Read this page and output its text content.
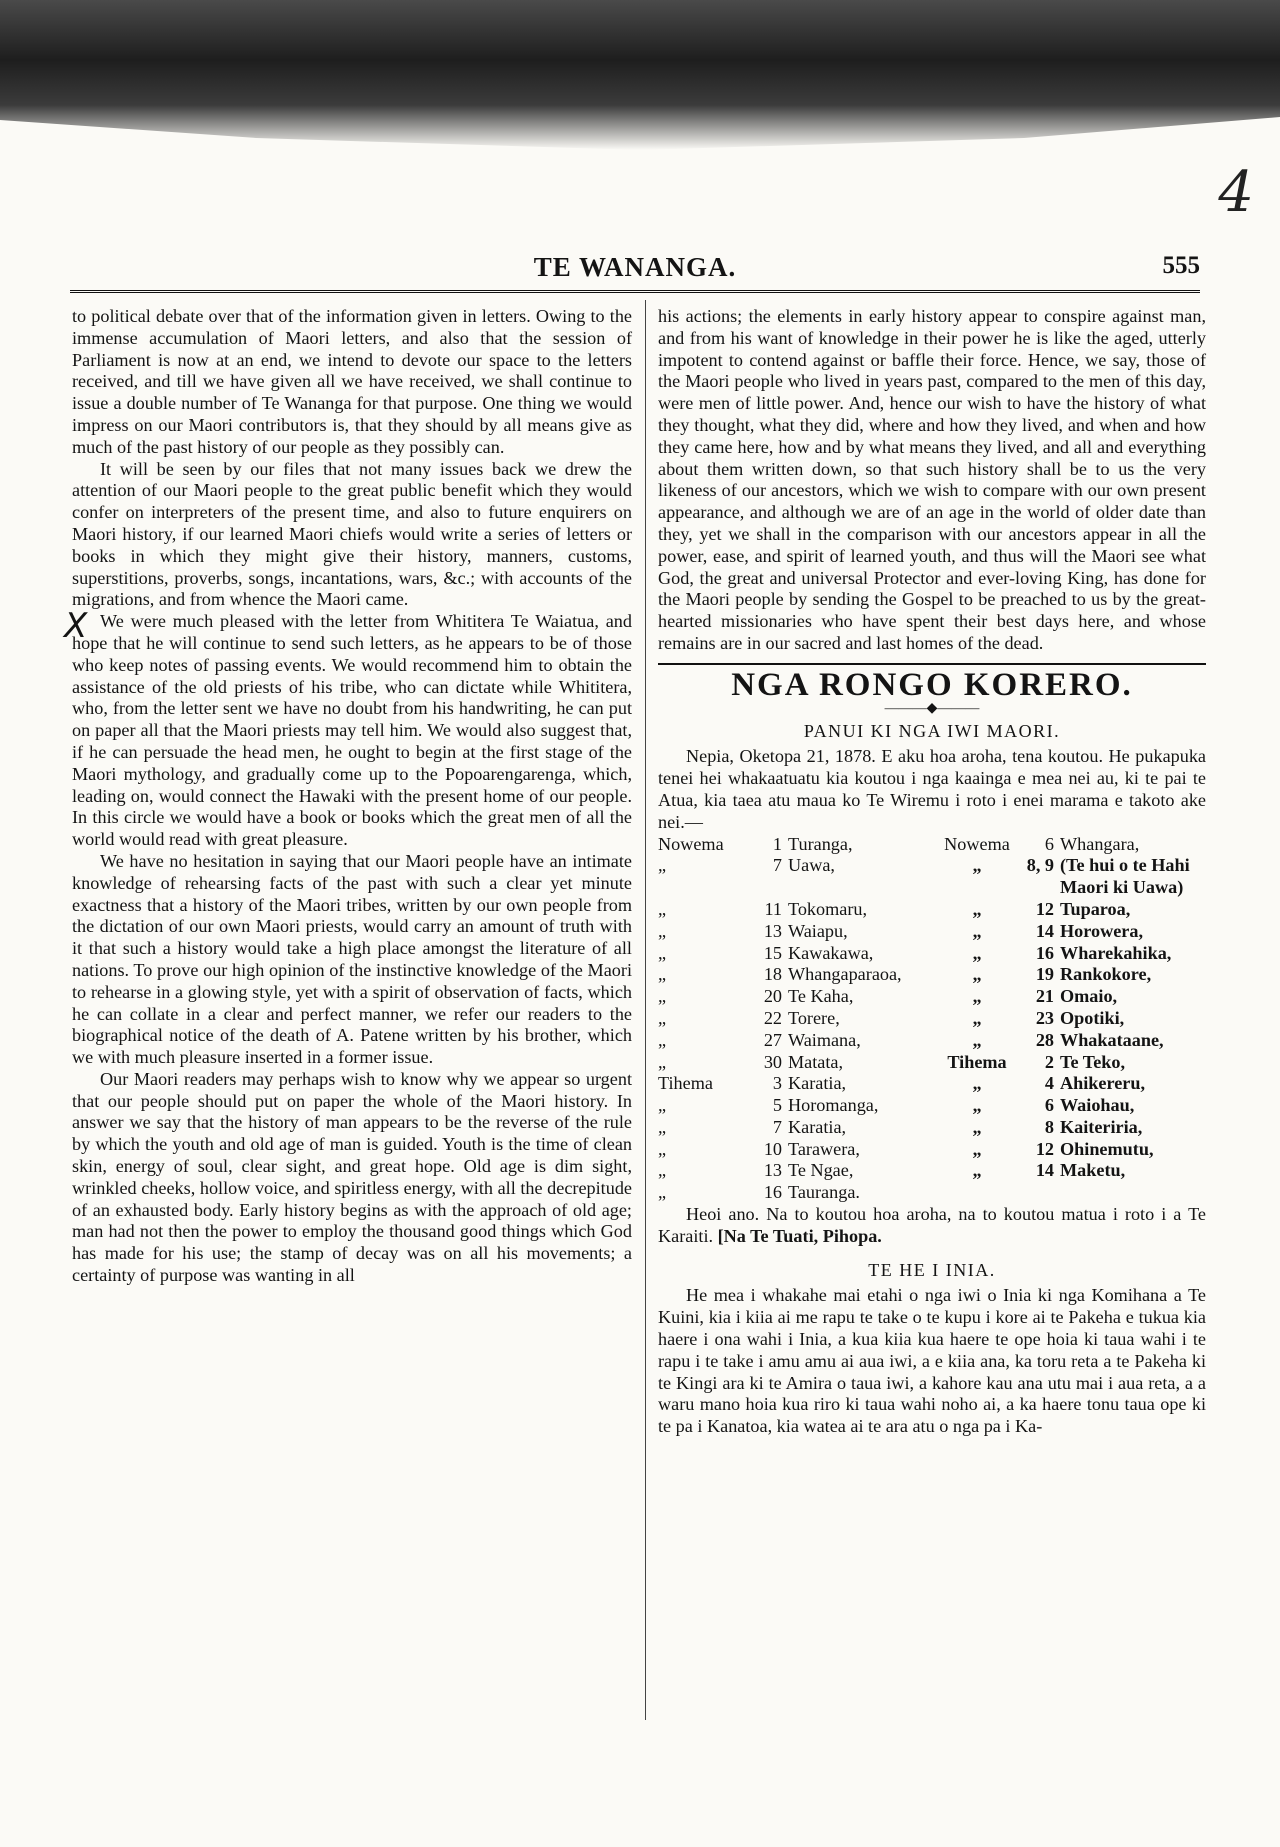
4
TE WANANGA.	555

to political debate over that of the information given in letters. Owing to the immense accumulation of Maori letters, and also that the session of Parliament is now at an end, we intend to devote our space to the letters received, and till we have given all we have received, we shall continue to issue a double number of Te Wananga for that purpose. One thing we would impress on our Maori contributors is, that they should by all means give as much of the past history of our people as they possibly can.

It will be seen by our files that not many issues back we drew the attention of our Maori people to the great public benefit which they would confer on interpreters of the present time, and also to future enquirers on Maori history, if our learned Maori chiefs would write a series of letters or books in which they might give their history, manners, customs, superstitions, proverbs, songs, incantations, wars, &c.; with accounts of the migrations, and from whence the Maori came.

X We were much pleased with the letter from Whititera Te Waiatua, and hope that he will continue to send such letters, as he appears to be of those who keep notes of passing events. We would recommend him to obtain the assistance of the old priests of his tribe, who can dictate while Whititera, who, from the letter sent we have no doubt from his handwriting, he can put on paper all that the Maori priests may tell him. We would also suggest that, if he can persuade the head men, he ought to begin at the first stage of the Maori mythology, and gradually come up to the Popoarengarenga, which, leading on, would connect the Hawaki with the present home of our people. In this circle we would have a book or books which the great men of all the world would read with great pleasure.

We have no hesitation in saying that our Maori people have an intimate knowledge of rehearsing facts of the past with such a clear yet minute exactness that a history of the Maori tribes, written by our own people from the dictation of our own Maori priests, would carry an amount of truth with it that such a history would take a high place amongst the literature of all nations. To prove our high opinion of the instinctive knowledge of the Maori to rehearse in a glowing style, yet with a spirit of observation of facts, which he can collate in a clear and perfect manner, we refer our readers to the biographical notice of the death of A. Patene written by his brother, which we with much pleasure inserted in a former issue.

Our Maori readers may perhaps wish to know why we appear so urgent that our people should put on paper the whole of the Maori history. In answer we say that the history of man appears to be the reverse of the rule by which the youth and old age of man is guided. Youth is the time of clean skin, energy of soul, clear sight, and great hope. Old age is dim sight, wrinkled cheeks, hollow voice, and spiritless energy, with all the decrepitude of an exhausted body. Early history begins as with the approach of old age; man had not then the power to employ the thousand good things which God has made for his use; the stamp of decay was on all his movements; a certainty of purpose was wanting in all

his actions; the elements in early history appear to conspire against man, and from his want of knowledge in their power he is like the aged, utterly impotent to contend against or baffle their force. Hence, we say, those of the Maori people who lived in years past, compared to the men of this day, were men of little power. And, hence our wish to have the history of what they thought, what they did, where and how they lived, and when and how they came here, how and by what means they lived, and all and everything about them written down, so that such history shall be to us the very likeness of our ancestors, which we wish to compare with our own present appearance, and although we are of an age in the world of older date than they, yet we shall in the comparison with our ancestors appear in all the power, ease, and spirit of learned youth, and thus will the Maori see what God, the great and universal Protector and ever-loving King, has done for the Maori people by sending the Gospel to be preached to us by the great-hearted missionaries who have spent their best days here, and whose remains are in our sacred and last homes of the dead.

NGA RONGO KORERO.
———◆———
PANUI KI NGA IWI MAORI.

Nepia, Oketopa 21, 1878. E aku hoa aroha, tena koutou. He pukapuka tenei hei whakaatuatu kia koutou i nga kaainga e mea nei au, ki te pai te Atua, kia taea atu maua ko Te Wiremu i roto i enei marama e takoto ake nei.—

Nowema	1	Turanga,	Nowema	6	Whangara,
„	7	Uawa,	„	8, 9	(Te hui o te Hahi
					Maori ki Uawa)
„	11	Tokomaru,	„	12	Tuparoa,
„	13	Waiapu,	„	14	Horowera,
„	15	Kawakawa,	„	16	Wharekahika,
„	18	Whangaparaoa,	„	19	Rankokore,
„	20	Te Kaha,	„	21	Omaio,
„	22	Torere,	„	23	Opotiki,
„	27	Waimana,	„	28	Whakataane,
„	30	Matata,	Tihema	2	Te Teko,
Tihema	3	Karatia,	„	4	Ahikereru,
„	5	Horomanga,	„	6	Waiohau,
„	7	Karatia,	„	8	Kaiteriria,
„	10	Tarawera,	„	12	Ohinemutu,
„	13	Te Ngae,	„	14	Maketu,
„	16	Tauranga.			

Heoi ano. Na to koutou hoa aroha, na to koutou matua i roto i a Te Karaiti. [Na Te Tuati, Pihopa.

TE HE I INIA.

He mea i whakahe mai etahi o nga iwi o Inia ki nga Komihana a Te Kuini, kia i kiia ai me rapu te take o te kupu i kore ai te Pakeha e tukua kia haere i ona wahi i Inia, a kua kiia kua haere te ope hoia ki taua wahi i te rapu i te take i amu amu ai aua iwi, a e kiia ana, ka toru reta a te Pakeha ki te Kingi ara ki te Amira o taua iwi, a kahore kau ana utu mai i aua reta, a a waru mano hoia kua riro ki taua wahi noho ai, a ka haere tonu taua ope ki te pa i Kanatoa, kia watea ai te ara atu o nga pa i Ka-
